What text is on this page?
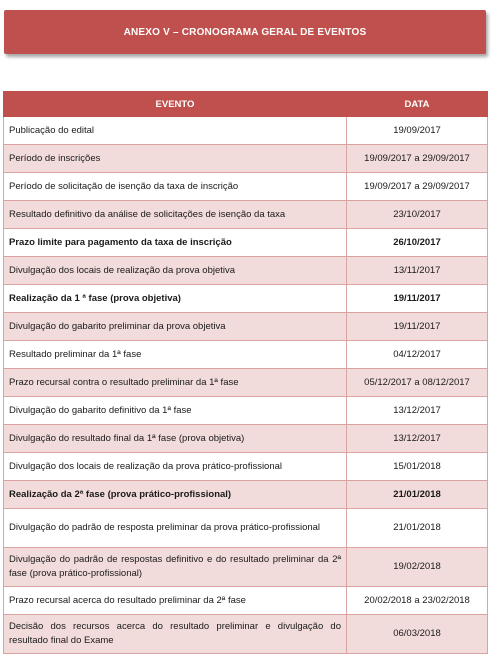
ANEXO V – CRONOGRAMA GERAL DE EVENTOS
EVENTO	DATA
Publicação do edital	19/09/2017
Período de inscrições	19/09/2017 a 29/09/2017
Período de solicitação de isenção da taxa de inscrição	19/09/2017 a 29/09/2017
Resultado definitivo da análise de solicitações de isenção da taxa	23/10/2017
Prazo limite para pagamento da taxa de inscrição	26/10/2017
Divulgação dos locais de realização da prova objetiva	13/11/2017
Realização da 1 ª fase (prova objetiva)	19/11/2017
Divulgação do gabarito preliminar da prova objetiva	19/11/2017
Resultado preliminar da 1ª fase	04/12/2017
Prazo recursal contra o resultado preliminar da 1ª fase	05/12/2017 a 08/12/2017
Divulgação do gabarito definitivo da 1ª fase	13/12/2017
Divulgação do resultado final da 1ª fase (prova objetiva)	13/12/2017
Divulgação dos locais de realização da prova prático-profissional	15/01/2018
Realização da 2ª fase (prova prático-profissional)	21/01/2018
Divulgação do padrão de resposta preliminar da prova prático-profissional	21/01/2018
Divulgação do padrão de respostas definitivo e do resultado preliminar da 2ª fase (prova prático-profissional)	19/02/2018
Prazo recursal acerca do resultado preliminar da 2ª fase	20/02/2018 a 23/02/2018
Decisão dos recursos acerca do resultado preliminar e divulgação do resultado final do Exame	06/03/2018
